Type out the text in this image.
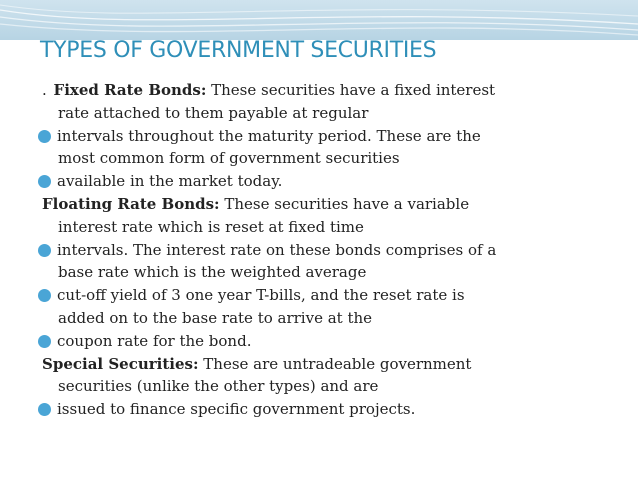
TYPES OF GOVERNMENT SECURITIES
. Fixed Rate Bonds: These securities have a fixed interest
rate attached to them payable at regular
intervals throughout the maturity period. These are the
most common form of government securities
available in the market today.
Floating Rate Bonds: These securities have a variable
interest rate which is reset at fixed time
intervals. The interest rate on these bonds comprises of a
base rate which is the weighted average
cut-off yield of 3 one year T-bills, and the reset rate is
added on to the base rate to arrive at the
coupon rate for the bond.
Special Securities: These are untradeable government
securities (unlike the other types) and are
issued to finance specific government projects.
